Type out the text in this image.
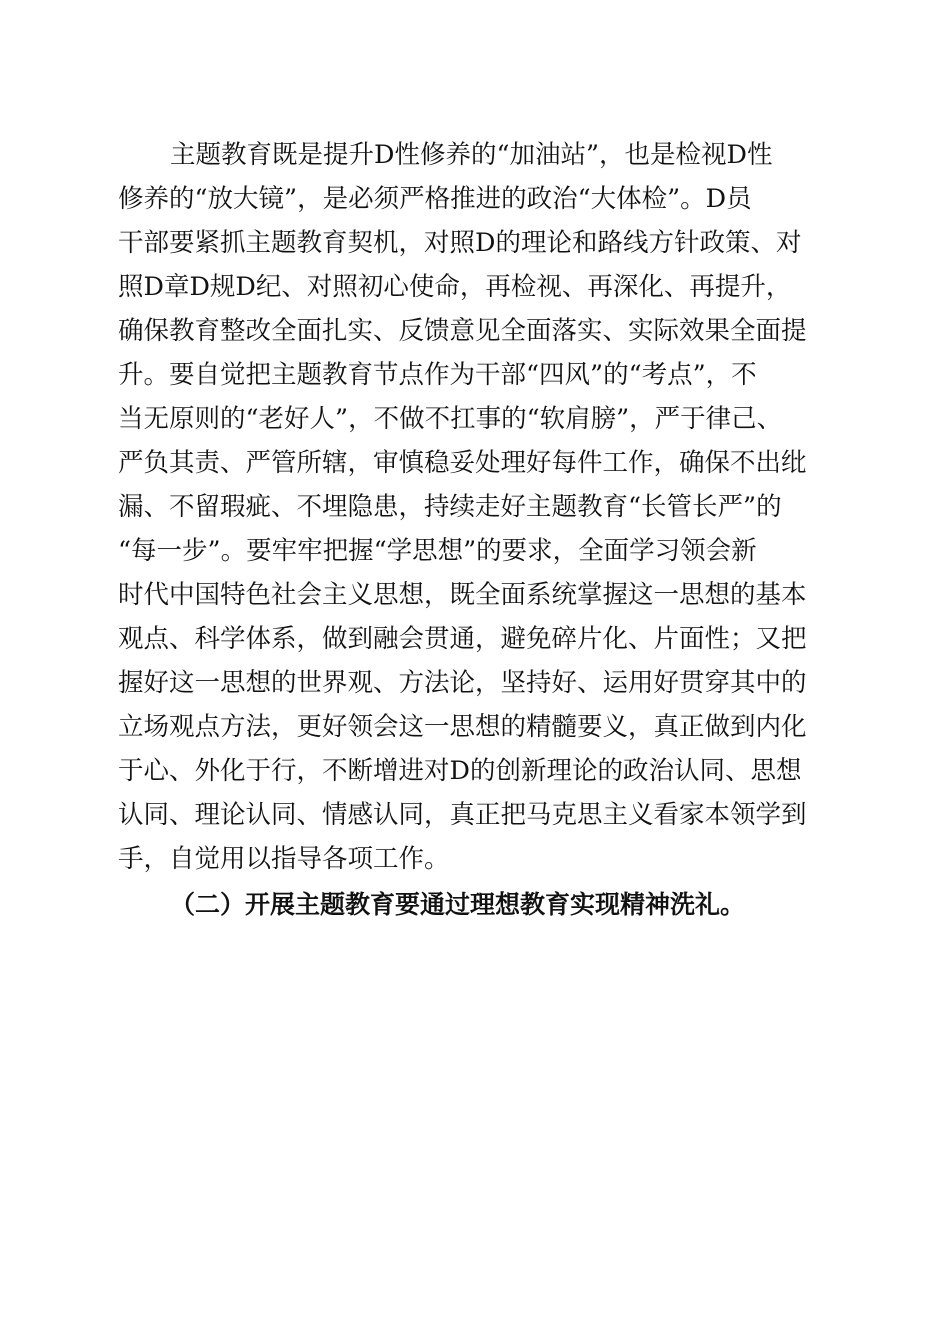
主题教育既是提升D性修养的“加油站”，也是检视D性
修养的“放大镜”，是必须严格推进的政治“大体检”。D员
干部要紧抓主题教育契机，对照D的理论和路线方针政策、对
照D章D规D纪、对照初心使命，再检视、再深化、再提升，
确保教育整改全面扎实、反馈意见全面落实、实际效果全面提
升。要自觉把主题教育节点作为干部“四风”的“考点”，不
当无原则的“老好人”，不做不扛事的“软肩膀”，严于律己、
严负其责、严管所辖，审慎稳妥处理好每件工作，确保不出纰
漏、不留瑕疵、不埋隐患，持续走好主题教育“长管长严”的
“每一步”。要牢牢把握“学思想”的要求，全面学习领会新
时代中国特色社会主义思想，既全面系统掌握这一思想的基本
观点、科学体系，做到融会贯通，避免碎片化、片面性；又把
握好这一思想的世界观、方法论，坚持好、运用好贯穿其中的
立场观点方法，更好领会这一思想的精髓要义，真正做到内化
于心、外化于行，不断增进对D的创新理论的政治认同、思想
认同、理论认同、情感认同，真正把马克思主义看家本领学到
手，自觉用以指导各项工作。
（二）开展主题教育要通过理想教育实现精神洗礼。
